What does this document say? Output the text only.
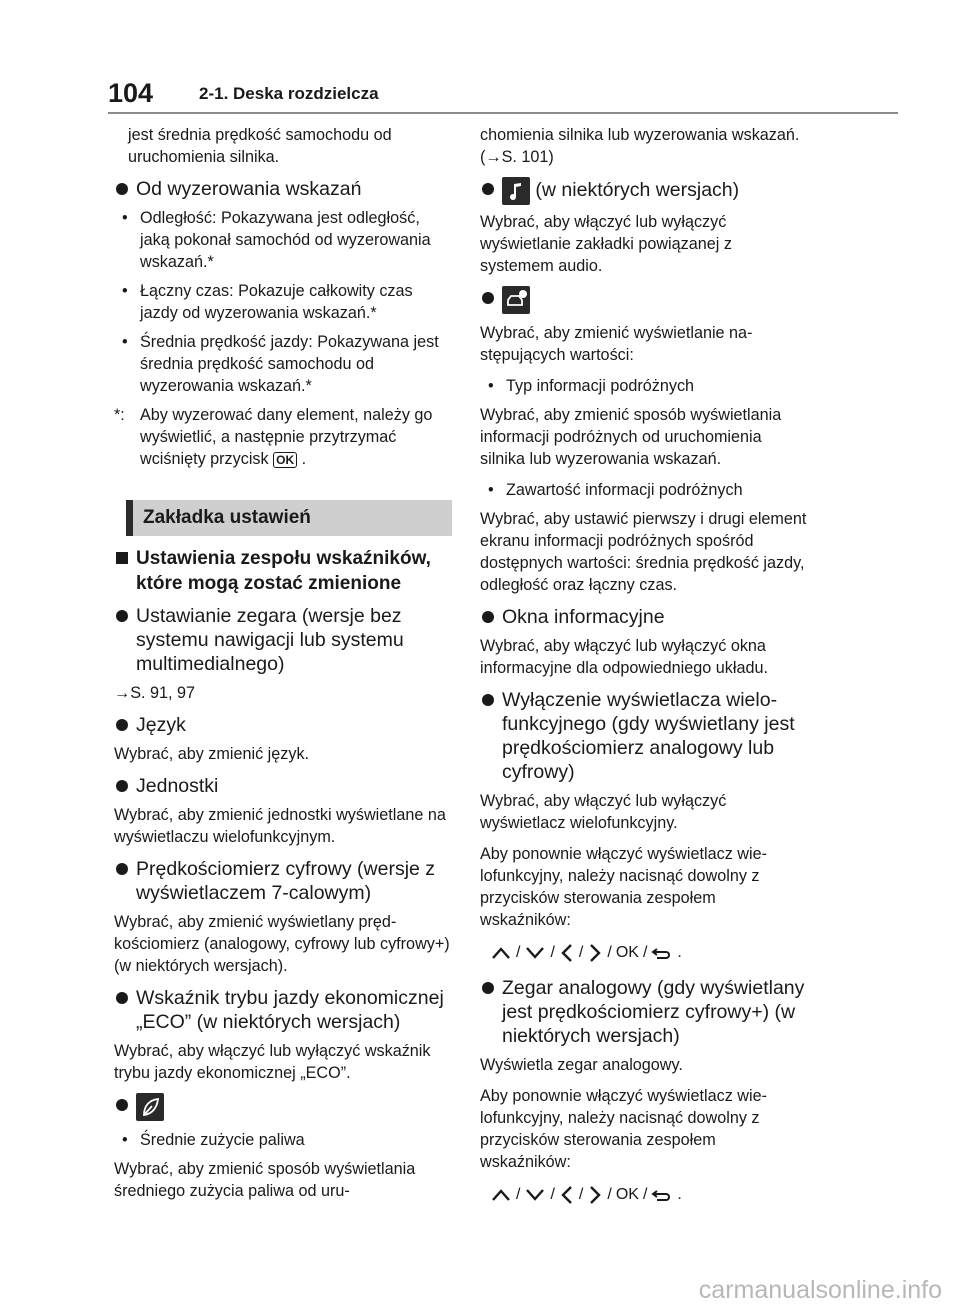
104	2-1. Deska rozdzielcza

jest średnia prędkość samochodu od uruchomienia silnika.

Od wyzerowania wskazań
• Odległość: Pokazywana jest odległość, jaką pokonał samochód od wyzerowania wskazań.*
• Łączny czas: Pokazuje całkowity czas jazdy od wyzerowania wskazań.*
• Średnia prędkość jazdy: Pokazywana jest średnia prędkość samochodu od wyzerowania wskazań.*
*: Aby wyzerować dany element, należy go wyświetlić, a następnie przytrzymać wciśnięty przycisk OK .
Zakładka ustawień
Ustawienia zespołu wskaźników, które mogą zostać zmienione
Ustawianie zegara (wersje bez systemu nawigacji lub systemu multimedialnego)

→S. 91, 97

Język

Wybrać, aby zmienić język.

Jednostki

Wybrać, aby zmienić jednostki wyświetlane na wyświetlaczu wielofunkcyjnym.

Prędkościomierz cyfrowy (wersje z wyświetlaczem 7-calowym)

Wybrać, aby zmienić wyświetlany prędkościomierz (analogowy, cyfrowy lub cyfrowy+) (w niektórych wersjach).

Wskaźnik trybu jazdy ekonomicznej „ECO” (w niektórych wersjach)

Wybrać, aby włączyć lub wyłączyć wskaźnik trybu jazdy ekonomicznej „ECO”.

• Średnie zużycie paliwa

Wybrać, aby zmienić sposób wyświetlania średniego zużycia paliwa od uru-

chomienia silnika lub wyzerowania wskazań. (→S. 101)

(w niektórych wersjach)

Wybrać, aby włączyć lub wyłączyć wyświetlanie zakładki powiązanej z systemem audio.

Wybrać, aby zmienić wyświetlanie następujących wartości:

• Typ informacji podróżnych

Wybrać, aby zmienić sposób wyświetlania informacji podróżnych od uruchomienia silnika lub wyzerowania wskazań.

• Zawartość informacji podróżnych

Wybrać, aby ustawić pierwszy i drugi element ekranu informacji podróżnych spośród dostępnych wartości: średnia prędkość jazdy, odległość oraz łączny czas.

Okna informacyjne

Wybrać, aby włączyć lub wyłączyć okna informacyjne dla odpowiedniego układu.

Wyłączenie wyświetlacza wielofunkcyjnego (gdy wyświetlany jest prędkościomierz analogowy lub cyfrowy)

Wybrać, aby włączyć lub wyłączyć wyświetlacz wielofunkcyjny.

Aby ponownie włączyć wyświetlacz wielofunkcyjny, należy nacisnąć dowolny z przycisków sterowania zespołem wskaźników:

/ / / / OK / .
Zegar analogowy (gdy wyświetlany jest prędkościomierz cyfrowy+) (w niektórych wersjach)

Wyświetla zegar analogowy.

Aby ponownie włączyć wyświetlacz wielofunkcyjny, należy nacisnąć dowolny z przycisków sterowania zespołem wskaźników:

/ / / / OK / .
carmanualsonline.info
